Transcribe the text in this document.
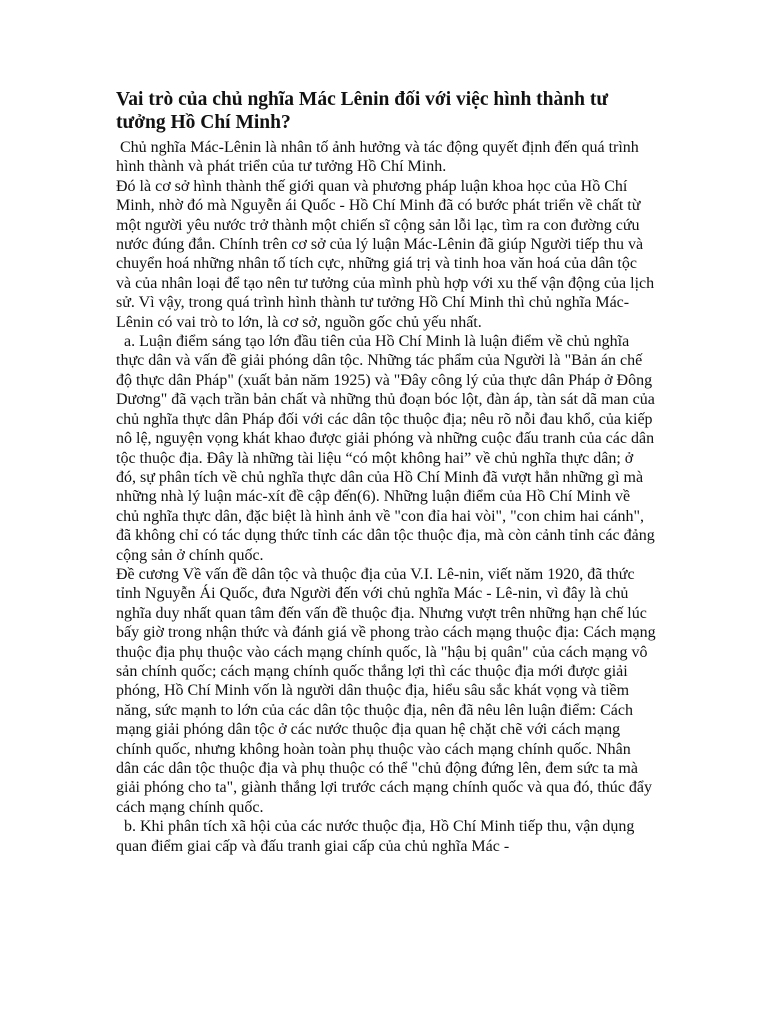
Vai trò của chủ nghĩa Mác Lênin đối với việc hình thành tư tưởng Hồ Chí Minh?

Chủ nghĩa Mác-Lênin là nhân tố ảnh hưởng và tác động quyết định đến quá trình hình thành và phát triển của tư tưởng Hồ Chí Minh.

Đó là cơ sở hình thành thế giới quan và phương pháp luận khoa học của Hồ Chí Minh, nhờ đó mà Nguyễn ái Quốc - Hồ Chí Minh đã có bước phát triển về chất từ một người yêu nước trở thành một chiến sĩ cộng sản lỗi lạc, tìm ra con đường cứu nước đúng đắn. Chính trên cơ sở của lý luận Mác-Lênin đã giúp Người tiếp thu và chuyển hoá những nhân tố tích cực, những giá trị và tinh hoa văn hoá của dân tộc và của nhân loại để tạo nên tư tưởng của mình phù hợp với xu thế vận động của lịch sử. Vì vậy, trong quá trình hình thành tư tưởng Hồ Chí Minh thì chủ nghĩa Mác-Lênin có vai trò to lớn, là cơ sở, nguồn gốc chủ yếu nhất.

a. Luận điểm sáng tạo lớn đầu tiên của Hồ Chí Minh là luận điểm về chủ nghĩa thực dân và vấn đề giải phóng dân tộc. Những tác phẩm của Người là "Bản án chế độ thực dân Pháp" (xuất bản năm 1925) và "Đây công lý của thực dân Pháp ở Đông Dương" đã vạch trần bản chất và những thủ đoạn bóc lột, đàn áp, tàn sát dã man của chủ nghĩa thực dân Pháp đối với các dân tộc thuộc địa; nêu rõ nỗi đau khổ, của kiếp nô lệ, nguyện vọng khát khao được giải phóng và những cuộc đấu tranh của các dân tộc thuộc địa. Đây là những tài liệu “có một không hai” về chủ nghĩa thực dân; ở đó, sự phân tích về chủ nghĩa thực dân của Hồ Chí Minh đã vượt hẳn những gì mà những nhà lý luận mác-xít đề cập đến(6). Những luận điểm của Hồ Chí Minh về chủ nghĩa thực dân, đặc biệt là hình ảnh về "con đỉa hai vòi", "con chim hai cánh", đã không chỉ có tác dụng thức tỉnh các dân tộc thuộc địa, mà còn cảnh tỉnh các đảng cộng sản ở chính quốc.

Đề cương Về vấn đề dân tộc và thuộc địa của V.I. Lê-nin, viết năm 1920, đã thức tỉnh Nguyễn Ái Quốc, đưa Người đến với chủ nghĩa Mác - Lê-nin, vì đây là chủ nghĩa duy nhất quan tâm đến vấn đề thuộc địa. Nhưng vượt trên những hạn chế lúc bấy giờ trong nhận thức và đánh giá về phong trào cách mạng thuộc địa: Cách mạng thuộc địa phụ thuộc vào cách mạng chính quốc, là "hậu bị quân" của cách mạng vô sản chính quốc; cách mạng chính quốc thắng lợi thì các thuộc địa mới được giải phóng, Hồ Chí Minh vốn là người dân thuộc địa, hiểu sâu sắc khát vọng và tiềm năng, sức mạnh to lớn của các dân tộc thuộc địa, nên đã nêu lên luận điểm: Cách mạng giải phóng dân tộc ở các nước thuộc địa quan hệ chặt chẽ với cách mạng chính quốc, nhưng không hoàn toàn phụ thuộc vào cách mạng chính quốc. Nhân dân các dân tộc thuộc địa và phụ thuộc có thể "chủ động đứng lên, đem sức ta mà giải phóng cho ta", giành thắng lợi trước cách mạng chính quốc và qua đó, thúc đẩy cách mạng chính quốc.

b. Khi phân tích xã hội của các nước thuộc địa, Hồ Chí Minh tiếp thu, vận dụng quan điểm giai cấp và đấu tranh giai cấp của chủ nghĩa Mác -
